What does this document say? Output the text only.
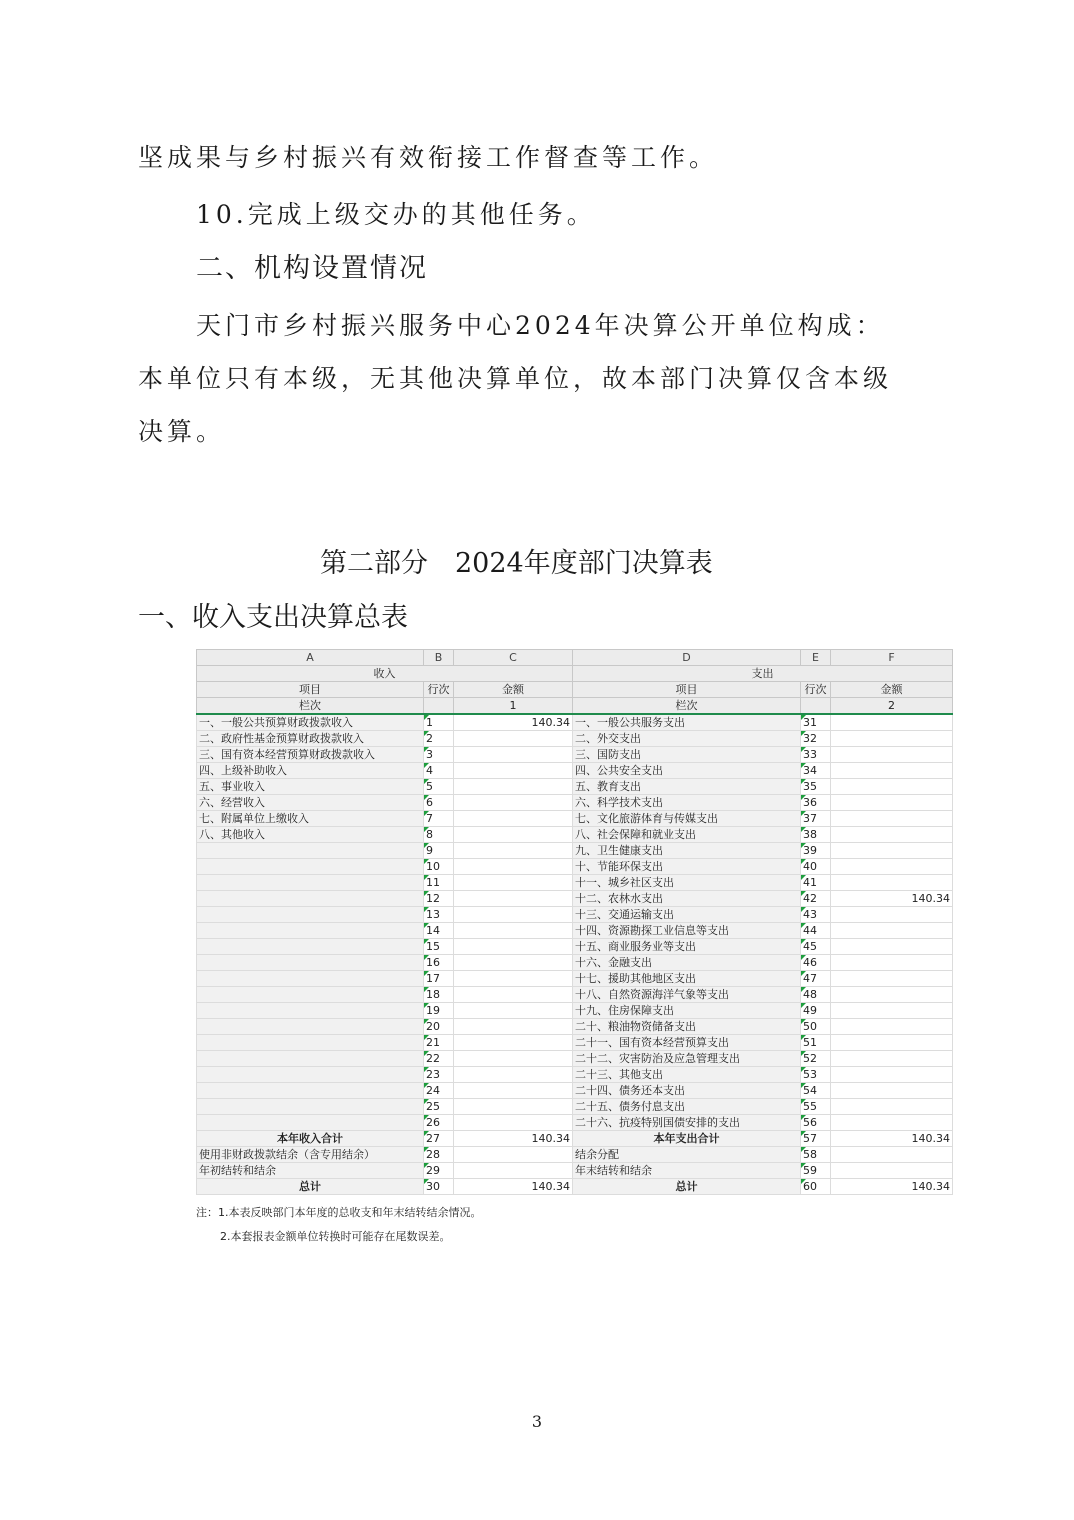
坚成果与乡村振兴有效衔接工作督查等工作。
10.完成上级交办的其他任务。
二、机构设置情况
天门市乡村振兴服务中心2024年决算公开单位构成：
本单位只有本级，无其他决算单位，故本部门决算仅含本级
决算。
第二部分　2024年度部门决算表
一、收入支出决算总表
A	B	C	D	E	F
收入			支出		
项目	行次	金额	项目	行次	金额
栏次		1	栏次		2
一、一般公共预算财政拨款收入	1	140.34	一、一般公共服务支出	31	
二、政府性基金预算财政拨款收入	2		二、外交支出	32	
三、国有资本经营预算财政拨款收入	3		三、国防支出	33	
四、上级补助收入	4		四、公共安全支出	34	
五、事业收入	5		五、教育支出	35	
六、经营收入	6		六、科学技术支出	36	
七、附属单位上缴收入	7		七、文化旅游体育与传媒支出	37	
八、其他收入	8		八、社会保障和就业支出	38	
	9		九、卫生健康支出	39	
	10		十、节能环保支出	40	
	11		十一、城乡社区支出	41	
	12		十二、农林水支出	42	140.34
	13		十三、交通运输支出	43	
	14		十四、资源勘探工业信息等支出	44	
	15		十五、商业服务业等支出	45	
	16		十六、金融支出	46	
	17		十七、援助其他地区支出	47	
	18		十八、自然资源海洋气象等支出	48	
	19		十九、住房保障支出	49	
	20		二十、粮油物资储备支出	50	
	21		二十一、国有资本经营预算支出	51	
	22		二十二、灾害防治及应急管理支出	52	
	23		二十三、其他支出	53	
	24		二十四、债务还本支出	54	
	25		二十五、债务付息支出	55	
	26		二十六、抗疫特别国债安排的支出	56	
本年收入合计	27	140.34	本年支出合计	57	140.34
使用非财政拨款结余（含专用结余）	28		结余分配	58	
年初结转和结余	29		年末结转和结余	59	
总计	30	140.34	总计	60	140.34
注：1.本表反映部门本年度的总收支和年末结转结余情况。
2.本套报表金额单位转换时可能存在尾数误差。
3
